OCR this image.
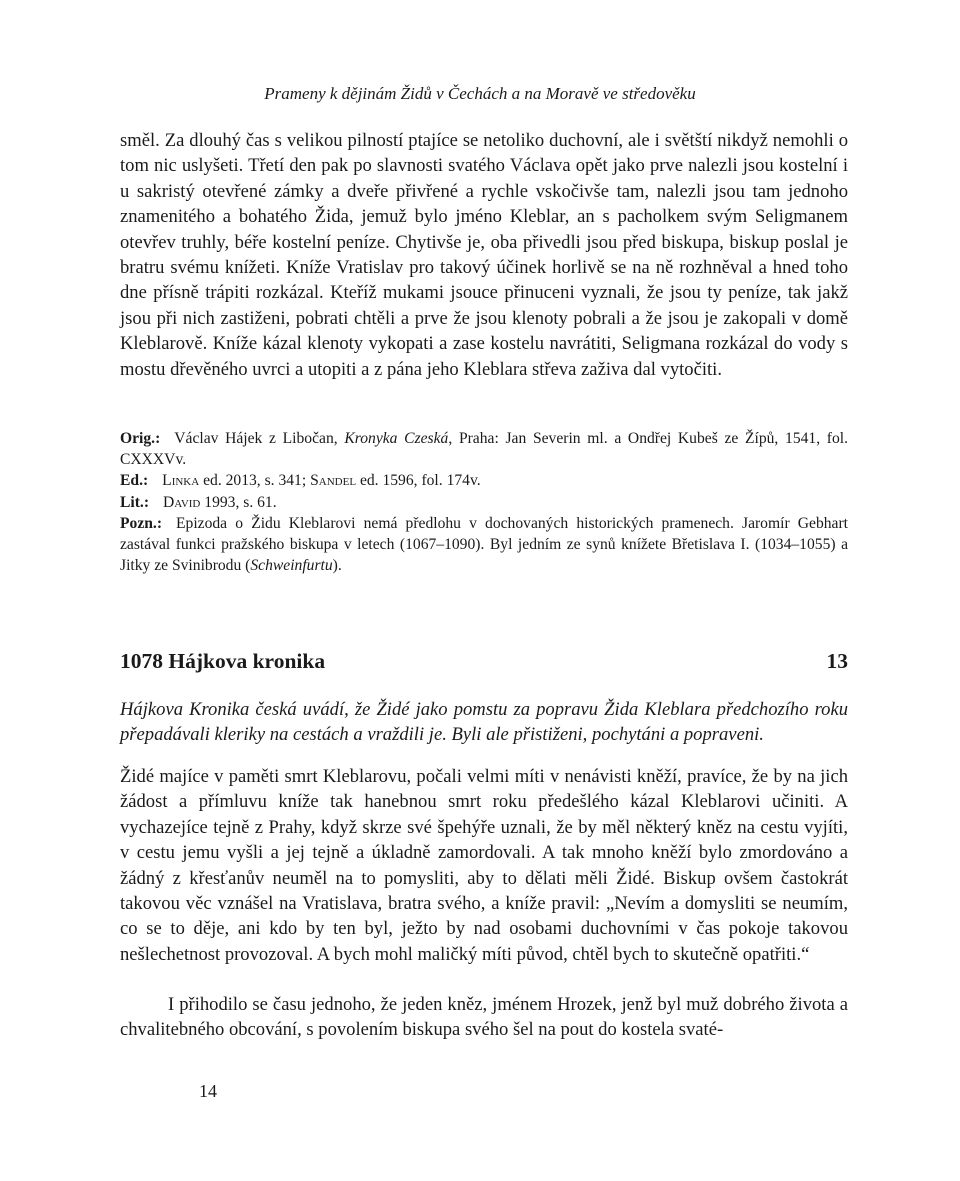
Prameny k dějinám Židů v Čechách a na Moravě ve středověku

směl. Za dlouhý čas s velikou pilností ptajíce se netoliko duchovní, ale i světští nikdyž nemohli o tom nic uslyšeti. Třetí den pak po slavnosti svatého Václava opět jako prve nalezli jsou kostelní i u sakristý otevřené zámky a dveře přivřené a rychle vskočivše tam, nalezli jsou tam jednoho znamenitého a bohatého Žida, jemuž bylo jméno Kleblar, an s pacholkem svým Seligmanem otevřev truhly, béře kostelní peníze. Chytivše je, oba přivedli jsou před biskupa, biskup poslal je bratru svému knížeti. Kníže Vratislav pro takový účinek horlivě se na ně rozhněval a hned toho dne přísně trápiti rozkázal. Kteříž mukami jsouce přinuceni vyznali, že jsou ty peníze, tak jakž jsou při nich zastiženi, pobrati chtěli a prve že jsou klenoty pobrali a že jsou je zakopali v domě Kleblarově. Kníže kázal klenoty vykopati a zase kostelu navrátiti, Seligmana rozkázal do vody s mostu dřevěného uvrci a utopiti a z pána jeho Kleblara střeva zaživa dal vytočiti.

Orig.: Václav Hájek z Libočan, Kronyka Czeská, Praha: Jan Severin ml. a Ondřej Kubeš ze Žípů, 1541, fol. CXXXVv.

Ed.: Linka ed. 2013, s. 341; Sandel ed. 1596, fol. 174v.

Lit.: David 1993, s. 61.

Pozn.: Epizoda o Židu Kleblarovi nemá předlohu v dochovaných historických pramenech. Jaromír Gebhart zastával funkci pražského biskupa v letech (1067–1090). Byl jedním ze synů knížete Břetislava I. (1034–1055) a Jitky ze Svinibrodu (Schweinfurtu).

1078 Hájkova kronika	13

Hájkova Kronika česká uvádí, že Židé jako pomstu za popravu Žida Kleblara předchozího roku přepadávali kleriky na cestách a vraždili je. Byli ale přistiženi, pochytáni a popraveni.

Židé majíce v paměti smrt Kleblarovu, počali velmi míti v nenávisti kněží, pravíce, že by na jich žádost a přímluvu kníže tak hanebnou smrt roku předešlého kázal Kleblarovi učiniti. A vychazejíce tejně z Prahy, když skrze své špehýře uznali, že by měl některý kněz na cestu vyjíti, v cestu jemu vyšli a jej tejně a úkladně zamordovali. A tak mnoho kněží bylo zmordováno a žádný z křesťanův neuměl na to pomysliti, aby to dělati měli Židé. Biskup ovšem častokrát takovou věc vznášel na Vratislava, bratra svého, a kníže pravil: „Nevím a domysliti se neumím, co se to děje, ani kdo by ten byl, ježto by nad osobami duchovními v čas pokoje takovou nešlechetnost provozoval. A bych mohl maličký míti původ, chtěl bych to skutečně opatřiti.“

I přihodilo se času jednoho, že jeden kněz, jménem Hrozek, jenž byl muž dobrého života a chvalitebného obcování, s povolením biskupa svého šel na pout do kostela svaté-

14
